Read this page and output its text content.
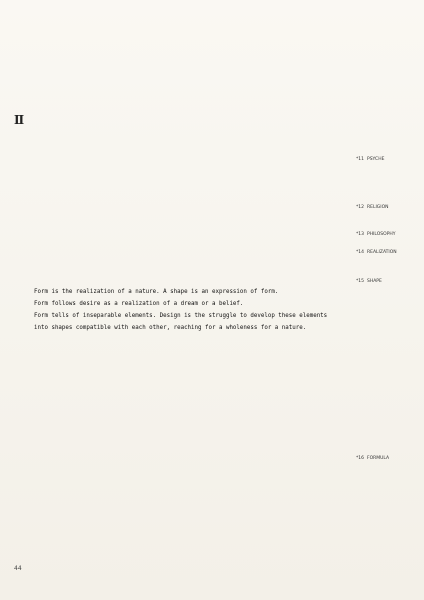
Ⅱ
Form is the realization of a nature. A shape is an expression of form.
Form follows desire as a realization of a dream or a belief.
Form tells of inseparable elements. Design is the struggle to develop these elements
into shapes compatible with each other, reaching for a wholeness for a nature.
*11 PSYCHE
*12 RELIGION
*13 PHILOSOPHY
*14 REALIZATION
*15 SHAPE
*16 FORMULA
44
